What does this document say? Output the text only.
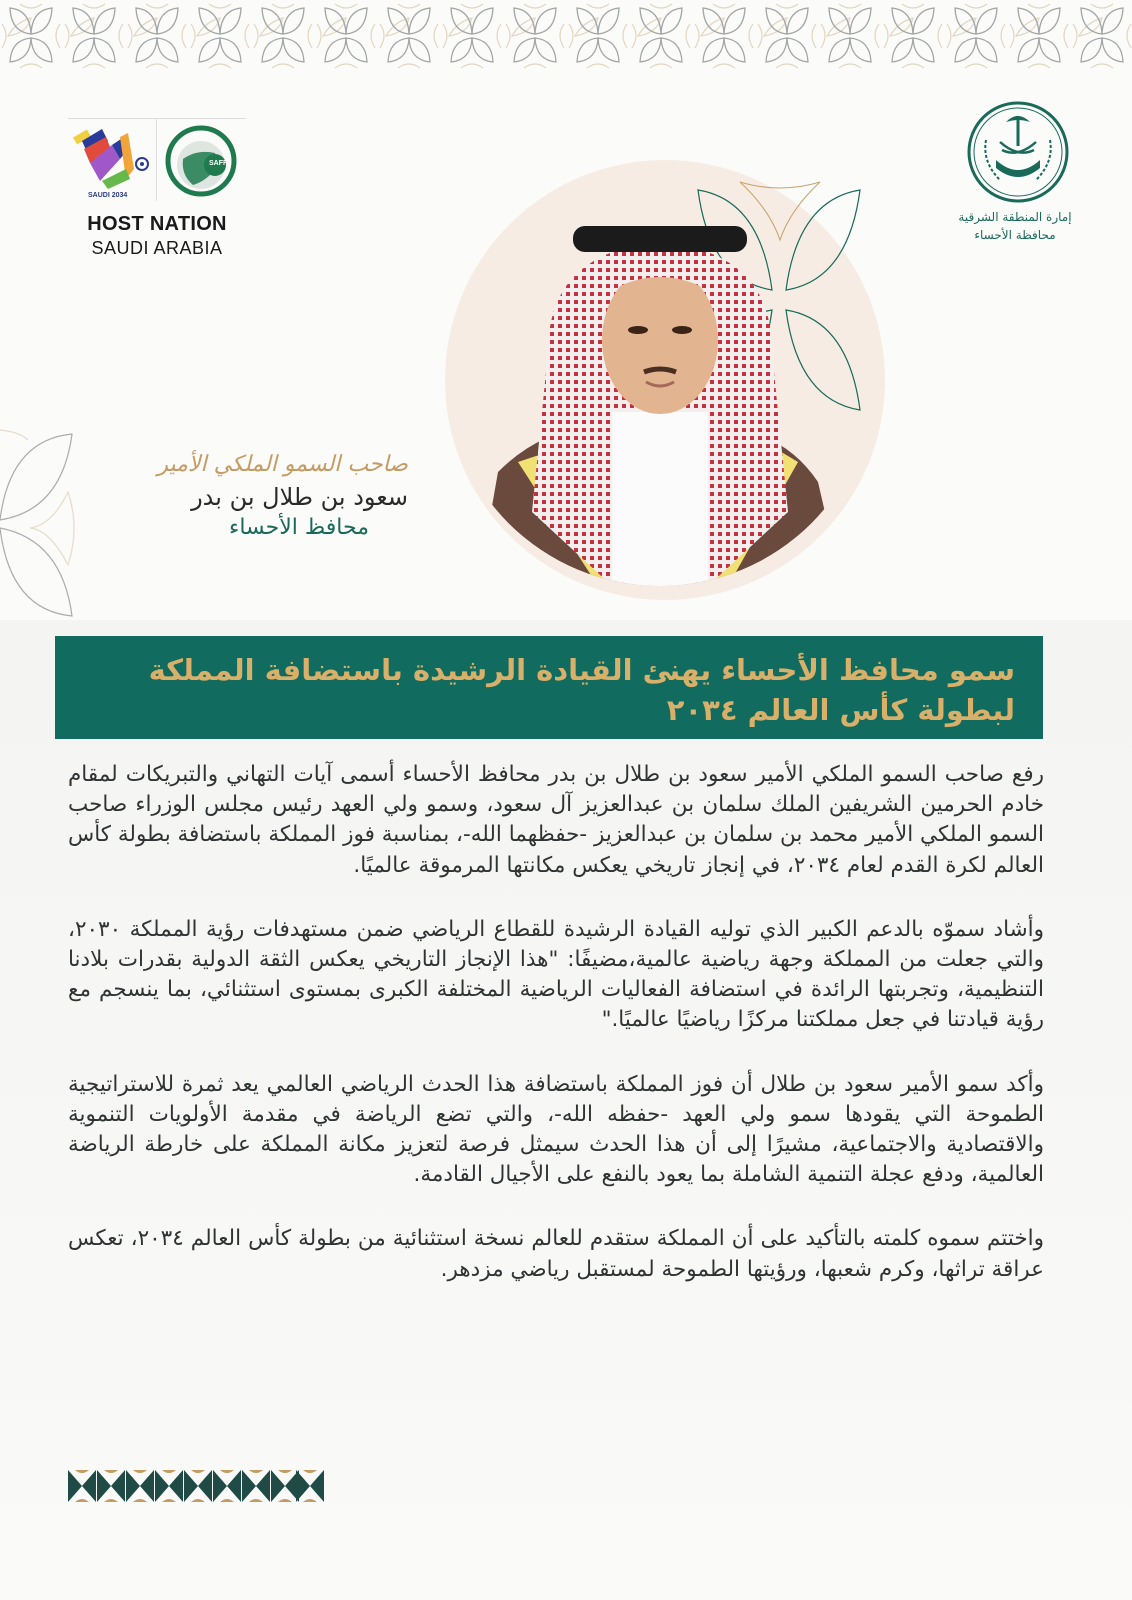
SAUDI 2034
SAFF
HOST NATION
SAUDI ARABIA
إمارة المنطقة الشرقية
محافظة الأحساء
صاحب السمو الملكي الأمير
سعود بن طلال بن بدر
محافظ الأحساء
سمو محافظ الأحساء يهنئ القيادة الرشيدة باستضافة المملكة لبطولة كأس العالم ٢٠٣٤

رفع صاحب السمو الملكي الأمير سعود بن طلال بن بدر محافظ الأحساء أسمى آيات التهاني والتبريكات لمقام خادم الحرمين الشريفين الملك سلمان بن عبدالعزيز آل سعود، وسمو ولي العهد رئيس مجلس الوزراء صاحب السمو الملكي الأمير محمد بن سلمان بن عبدالعزيز -حفظهما الله-، بمناسبة فوز المملكة باستضافة بطولة كأس العالم لكرة القدم لعام ٢٠٣٤، في إنجاز تاريخي يعكس مكانتها المرموقة عالميًا.

وأشاد سموّه بالدعم الكبير الذي توليه القيادة الرشيدة للقطاع الرياضي ضمن مستهدفات رؤية المملكة ٢٠٣٠، والتي جعلت من المملكة وجهة رياضية عالمية،مضيفًا: "هذا الإنجاز التاريخي يعكس الثقة الدولية بقدرات بلادنا التنظيمية، وتجربتها الرائدة في استضافة الفعاليات الرياضية المختلفة الكبرى بمستوى استثنائي، بما ينسجم مع رؤية قيادتنا في جعل مملكتنا مركزًا رياضيًا عالميًا."

وأكد سمو الأمير سعود بن طلال أن فوز المملكة باستضافة هذا الحدث الرياضي العالمي يعد ثمرة للاستراتيجية الطموحة التي يقودها سمو ولي العهد -حفظه الله-، والتي تضع الرياضة في مقدمة الأولويات التنموية والاقتصادية والاجتماعية، مشيرًا إلى أن هذا الحدث سيمثل فرصة لتعزيز مكانة المملكة على خارطة الرياضة العالمية، ودفع عجلة التنمية الشاملة بما يعود بالنفع على الأجيال القادمة.

واختتم سموه كلمته بالتأكيد على أن المملكة ستقدم للعالم نسخة استثنائية من بطولة كأس العالم ٢٠٣٤، تعكس عراقة تراثها، وكرم شعبها، ورؤيتها الطموحة لمستقبل رياضي مزدهر.
